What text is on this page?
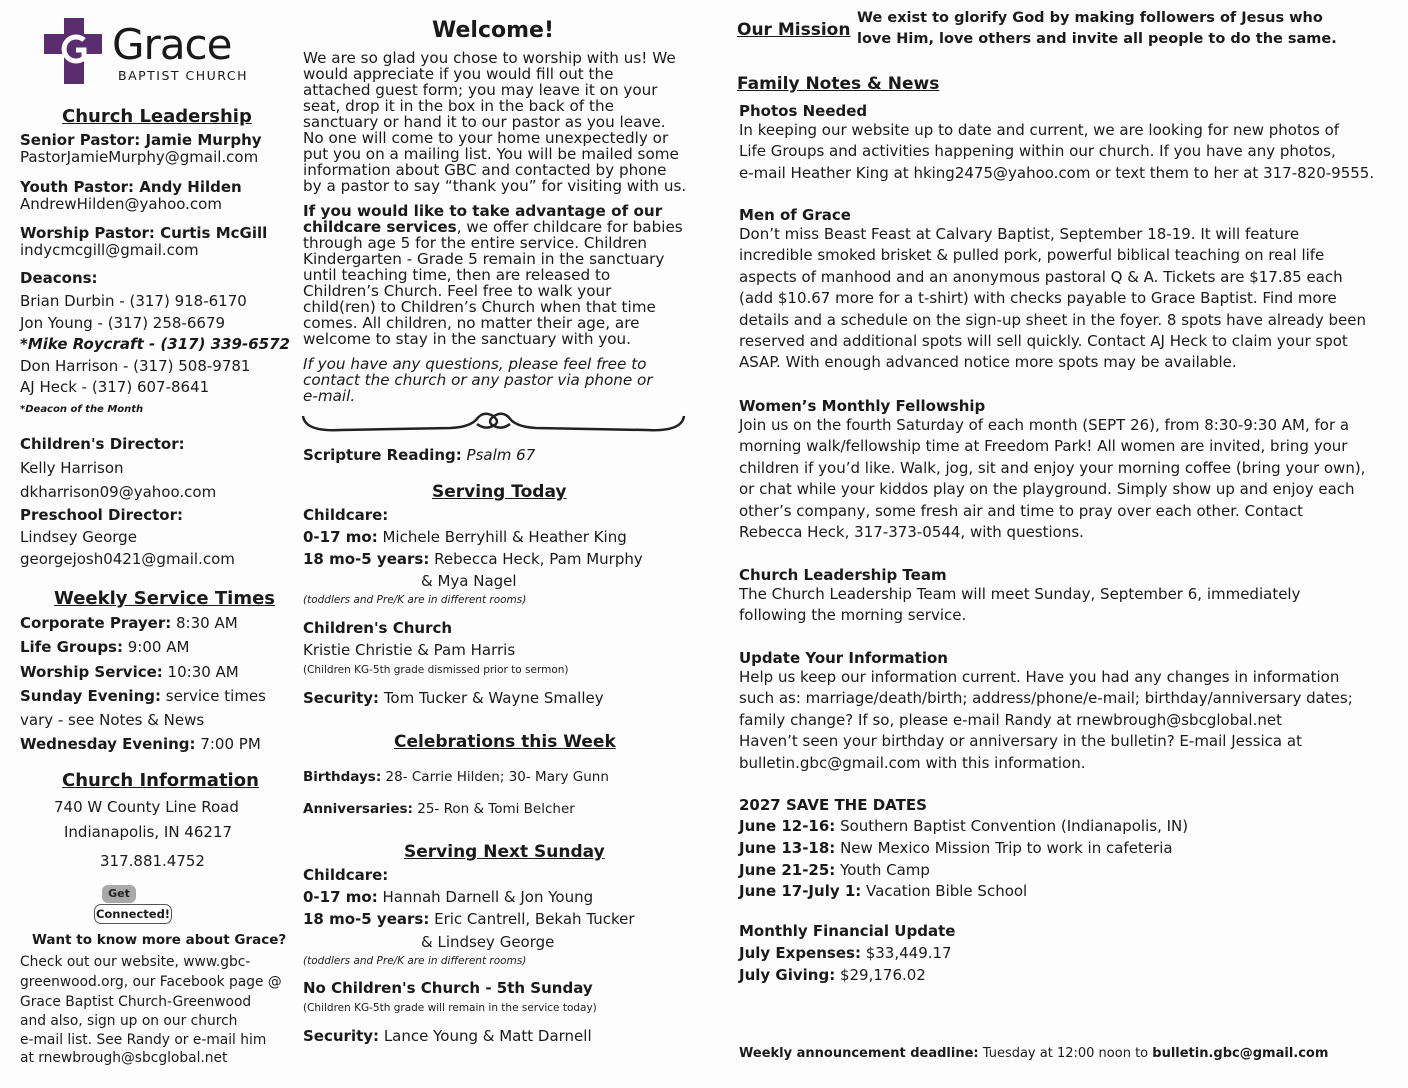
Grace
BAPTIST CHURCH
Church Leadership
Senior Pastor: Jamie Murphy
PastorJamieMurphy@gmail.com
Youth Pastor: Andy Hilden
AndrewHilden@yahoo.com
Worship Pastor: Curtis McGill
indycmcgill@gmail.com
Deacons:
Brian Durbin - (317) 918-6170
Jon Young - (317) 258-6679
*Mike Roycraft - (317) 339-6572
Don Harrison - (317) 508-9781
AJ Heck - (317) 607-8641
*Deacon of the Month
Children's Director:
Kelly Harrison
dkharrison09@yahoo.com
Preschool Director:
Lindsey George
georgejosh0421@gmail.com
Weekly Service Times
Corporate Prayer: 8:30 AM
Life Groups: 9:00 AM
Worship Service: 10:30 AM
Sunday Evening: service times
vary - see Notes & News
Wednesday Evening: 7:00 PM
Church Information
740 W County Line Road
Indianapolis, IN 46217
317.881.4752
Get
Connected!
Want to know more about Grace?
Check out our website, www.gbc-
greenwood.org, our Facebook page @
Grace Baptist Church-Greenwood
and also, sign up on our church
e-mail list. See Randy or e-mail him
at rnewbrough@sbcglobal.net
Welcome!
We are so glad you chose to worship with us! We
would appreciate if you would fill out the
attached guest form; you may leave it on your
seat, drop it in the box in the back of the
sanctuary or hand it to our pastor as you leave.
No one will come to your home unexpectedly or
put you on a mailing list. You will be mailed some
information about GBC and contacted by phone
by a pastor to say “thank you” for visiting with us.
If you would like to take advantage of our
childcare services, we offer childcare for babies
through age 5 for the entire service. Children
Kindergarten - Grade 5 remain in the sanctuary
until teaching time, then are released to
Children’s Church. Feel free to walk your
child(ren) to Children’s Church when that time
comes. All children, no matter their age, are
welcome to stay in the sanctuary with you.
If you have any questions, please feel free to
contact the church or any pastor via phone or
e-mail.
Scripture Reading: Psalm 67
Serving Today
Childcare:
0-17 mo: Michele Berryhill & Heather King
18 mo-5 years: Rebecca Heck, Pam Murphy
& Mya Nagel
(toddlers and Pre/K are in different rooms)
Children's Church
Kristie Christie & Pam Harris
(Children KG-5th grade dismissed prior to sermon)
Security: Tom Tucker & Wayne Smalley
Celebrations this Week
Birthdays: 28- Carrie Hilden; 30- Mary Gunn
Anniversaries: 25- Ron & Tomi Belcher
Serving Next Sunday
Childcare:
0-17 mo: Hannah Darnell & Jon Young
18 mo-5 years: Eric Cantrell, Bekah Tucker
& Lindsey George
(toddlers and Pre/K are in different rooms)
No Children's Church - 5th Sunday
(Children KG-5th grade will remain in the service today)
Security: Lance Young & Matt Darnell
Our Mission
We exist to glorify God by making followers of Jesus who
love Him, love others and invite all people to do the same.
Family Notes & News
Photos Needed
In keeping our website up to date and current, we are looking for new photos of
Life Groups and activities happening within our church. If you have any photos,
e-mail Heather King at hking2475@yahoo.com or text them to her at 317-820-9555.
Men of Grace
Don’t miss Beast Feast at Calvary Baptist, September 18-19. It will feature
incredible smoked brisket & pulled pork, powerful biblical teaching on real life
aspects of manhood and an anonymous pastoral Q & A. Tickets are $17.85 each
(add $10.67 more for a t-shirt) with checks payable to Grace Baptist. Find more
details and a schedule on the sign-up sheet in the foyer. 8 spots have already been
reserved and additional spots will sell quickly. Contact AJ Heck to claim your spot
ASAP. With enough advanced notice more spots may be available.
Women’s Monthly Fellowship
Join us on the fourth Saturday of each month (SEPT 26), from 8:30-9:30 AM, for a
morning walk/fellowship time at Freedom Park! All women are invited, bring your
children if you’d like. Walk, jog, sit and enjoy your morning coffee (bring your own),
or chat while your kiddos play on the playground. Simply show up and enjoy each
other’s company, some fresh air and time to pray over each other. Contact
Rebecca Heck, 317-373-0544, with questions.
Church Leadership Team
The Church Leadership Team will meet Sunday, September 6, immediately
following the morning service.
Update Your Information
Help us keep our information current. Have you had any changes in information
such as: marriage/death/birth; address/phone/e-mail; birthday/anniversary dates;
family change? If so, please e-mail Randy at rnewbrough@sbcglobal.net
Haven’t seen your birthday or anniversary in the bulletin? E-mail Jessica at
bulletin.gbc@gmail.com with this information.
2027 SAVE THE DATES
June 12-16: Southern Baptist Convention (Indianapolis, IN)
June 13-18: New Mexico Mission Trip to work in cafeteria
June 21-25: Youth Camp
June 17-July 1: Vacation Bible School
Monthly Financial Update
July Expenses: $33,449.17
July Giving: $29,176.02
Weekly announcement deadline: Tuesday at 12:00 noon to bulletin.gbc@gmail.com
